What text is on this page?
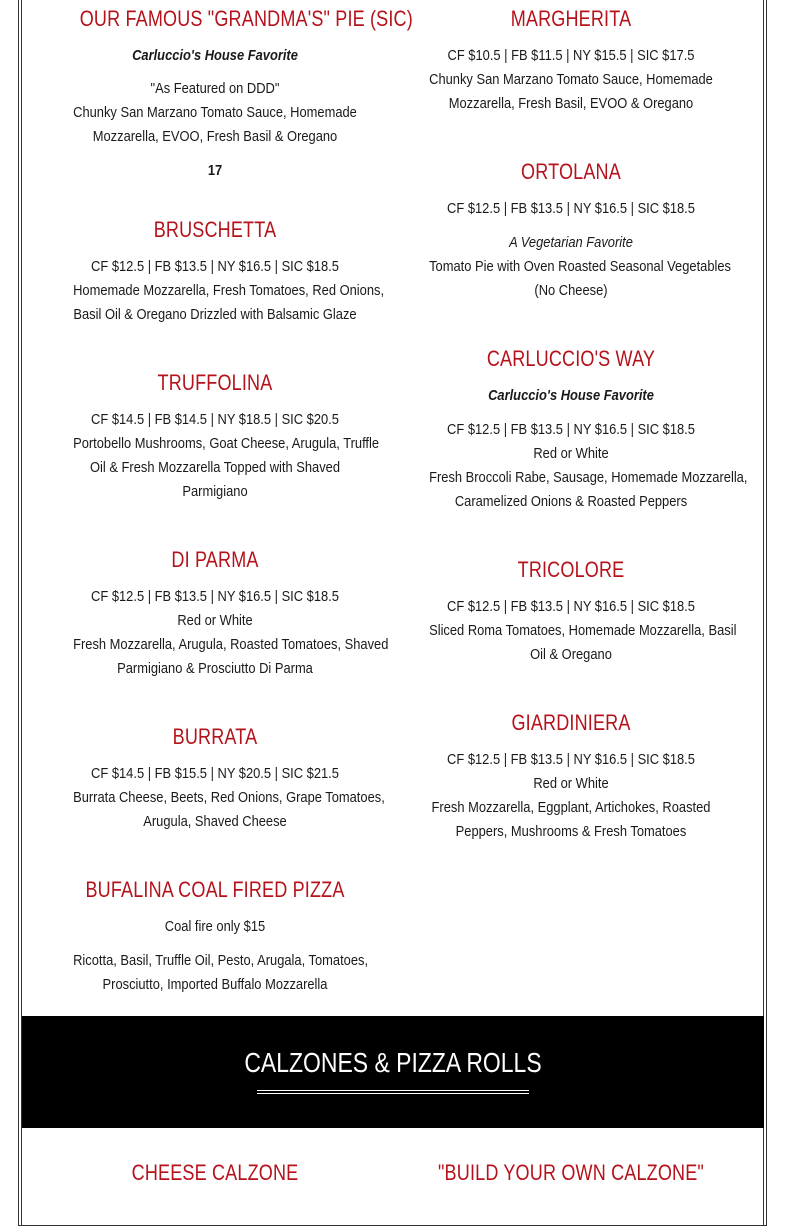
OUR FAMOUS "GRANDMA'S" PIE (SIC)

Carluccio's House Favorite

"As Featured on DDD"

Chunky San Marzano Tomato Sauce, Homemade

Mozzarella, EVOO, Fresh Basil & Oregano

17

BRUSCHETTA

CF $12.5 | FB $13.5 | NY $16.5 | SIC $18.5

Homemade Mozzarella, Fresh Tomatoes, Red Onions,

Basil Oil & Oregano Drizzled with Balsamic Glaze

TRUFFOLINA

CF $14.5 | FB $14.5 | NY $18.5 | SIC $20.5

Portobello Mushrooms, Goat Cheese, Arugula, Truffle

Oil & Fresh Mozzarella Topped with Shaved

Parmigiano

DI PARMA

CF $12.5 | FB $13.5 | NY $16.5 | SIC $18.5

Red or White

Fresh Mozzarella, Arugula, Roasted Tomatoes, Shaved

Parmigiano & Prosciutto Di Parma

BURRATA

CF $14.5 | FB $15.5 | NY $20.5 | SIC $21.5

Burrata Cheese, Beets, Red Onions, Grape Tomatoes,

Arugula, Shaved Cheese

BUFALINA COAL FIRED PIZZA

Coal fire only $15

Ricotta, Basil, Truffle Oil, Pesto, Arugala, Tomatoes,

Prosciutto, Imported Buffalo Mozzarella

CHEESE CALZONE

MARGHERITA

CF $10.5 | FB $11.5 | NY $15.5 | SIC $17.5

Chunky San Marzano Tomato Sauce, Homemade

Mozzarella, Fresh Basil, EVOO & Oregano

ORTOLANA

CF $12.5 | FB $13.5 | NY $16.5 | SIC $18.5

A Vegetarian Favorite

Tomato Pie with Oven Roasted Seasonal Vegetables

(No Cheese)

CARLUCCIO'S WAY

Carluccio's House Favorite

CF $12.5 | FB $13.5 | NY $16.5 | SIC $18.5

Red or White

Fresh Broccoli Rabe, Sausage, Homemade Mozzarella,

Caramelized Onions & Roasted Peppers

TRICOLORE

CF $12.5 | FB $13.5 | NY $16.5 | SIC $18.5

Sliced Roma Tomatoes, Homemade Mozzarella, Basil

Oil & Oregano

GIARDINIERA

CF $12.5 | FB $13.5 | NY $16.5 | SIC $18.5

Red or White

Fresh Mozzarella, Eggplant, Artichokes, Roasted

Peppers, Mushrooms & Fresh Tomatoes

"BUILD YOUR OWN CALZONE"

CALZONES & PIZZA ROLLS
